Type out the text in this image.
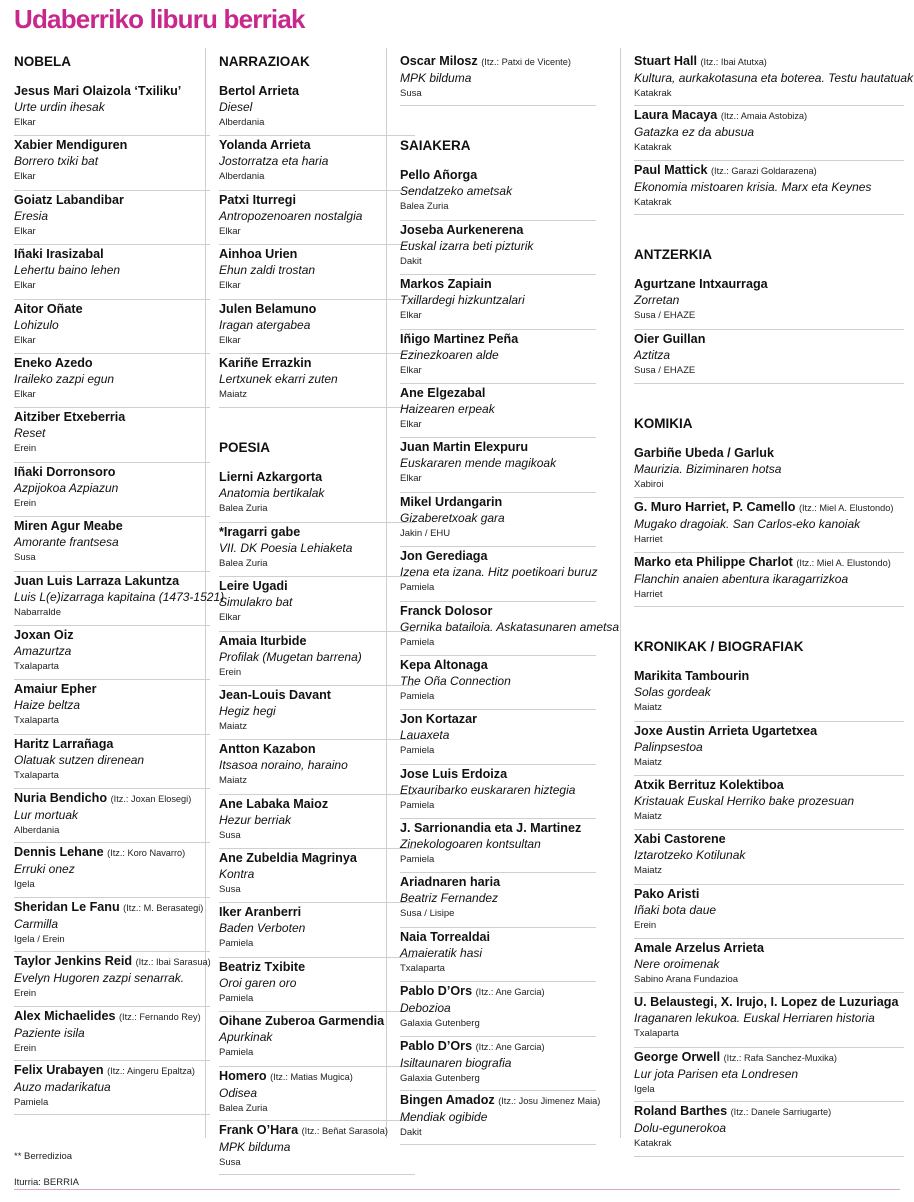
Udaberriko liburu berriak
NOBELA
Jesus Mari Olaizola ‘Txiliku’
Urte urdin ihesak
Elkar
Xabier Mendiguren
Borrero txiki bat
Elkar
Goiatz Labandibar
Eresia
Elkar
Iñaki Irasizabal
Lehertu baino lehen
Elkar
Aitor Oñate
Lohizulo
Elkar
Eneko Azedo
Iraileko zazpi egun
Elkar
Aitziber Etxeberria
Reset
Erein
Iñaki Dorronsoro
Azpijokoa Azpiazun
Erein
Miren Agur Meabe
Amorante frantsesa
Susa
Juan Luis Larraza Lakuntza
Luis L(e)izarraga kapitaina (1473-1521)
Nabarralde
Joxan Oiz
Amazurtza
Txalaparta
Amaiur Epher
Haize beltza
Txalaparta
Haritz Larrañaga
Olatuak sutzen direnean
Txalaparta
Nuria Bendicho (Itz.: Joxan Elosegi)
Lur mortuak
Alberdania
Dennis Lehane (Itz.: Koro Navarro)
Erruki onez
Igela
Sheridan Le Fanu (Itz.: M. Berasategi)
Carmilla
Igela / Erein
Taylor Jenkins Reid (Itz.: Ibai Sarasua)
Evelyn Hugoren zazpi senarrak.
Erein
Alex Michaelides (Itz.: Fernando Rey)
Paziente isila
Erein
Felix Urabayen (Itz.: Aingeru Epaltza)
Auzo madarikatua
Pamiela
NARRAZIOAK
Bertol Arrieta
Diesel
Alberdania
Yolanda Arrieta
Jostorratza eta haria
Alberdania
Patxi Iturregi
Antropozenoaren nostalgia
Elkar
Ainhoa Urien
Ehun zaldi trostan
Elkar
Julen Belamuno
Iragan atergabea
Elkar
Kariñe Errazkin
Lertxunek ekarri zuten
Maiatz
POESIA
Lierni Azkargorta
Anatomia bertikalak
Balea Zuria
*Iragarri gabe
VII. DK Poesia Lehiaketa
Balea Zuria
Leire Ugadi
Simulakro bat
Elkar
Amaia Iturbide
Profilak (Mugetan barrena)
Erein
Jean-Louis Davant
Hegiz hegi
Maiatz
Antton Kazabon
Itsasoa noraino, haraino
Maiatz
Ane Labaka Maioz
Hezur berriak
Susa
Ane Zubeldia Magrinya
Kontra
Susa
Iker Aranberri
Baden Verboten
Pamiela
Beatriz Txibite
Oroi garen oro
Pamiela
Oihane Zuberoa Garmendia
Apurkinak
Pamiela
Homero (Itz.: Matias Mugica)
Odisea
Balea Zuria
Frank O’Hara (Itz.: Beñat Sarasola)
MPK bilduma
Susa
Oscar Milosz (Itz.: Patxi de Vicente)
MPK bilduma
Susa
SAIAKERA
Pello Añorga
Sendatzeko ametsak
Balea Zuria
Joseba Aurkenerena
Euskal izarra beti pizturik
Dakit
Markos Zapiain
Txillardegi hizkuntzalari
Elkar
Iñigo Martinez Peña
Ezinezkoaren alde
Elkar
Ane Elgezabal
Haizearen erpeak
Elkar
Juan Martin Elexpuru
Euskararen mende magikoak
Elkar
Mikel Urdangarin
Gizaberetxoak gara
Jakin / EHU
Jon Gerediaga
Izena eta izana. Hitz poetikoari buruz
Pamiela
Franck Dolosor
Gernika batailoia. Askatasunaren ametsa
Pamiela
Kepa Altonaga
The Oña Connection
Pamiela
Jon Kortazar
Lauaxeta
Pamiela
Jose Luis Erdoiza
Etxauribarko euskararen hiztegia
Pamiela
J. Sarrionandia eta J. Martinez
Zinekologoaren kontsultan
Pamiela
Ariadnaren haria
Beatriz Fernandez
Susa / Lisipe
Naia Torrealdai
Amaieratik hasi
Txalaparta
Pablo D’Ors (Itz.: Ane Garcia)
Debozioa
Galaxia Gutenberg
Pablo D’Ors (Itz.: Ane Garcia)
Isiltaunaren biografia
Galaxia Gutenberg
Bingen Amadoz (Itz.: Josu Jimenez Maia)
Mendiak ogibide
Dakit
Stuart Hall (Itz.: Ibai Atutxa)
Kultura, aurkakotasuna eta boterea. Testu hautatuak
Katakrak
Laura Macaya (Itz.: Amaia Astobiza)
Gatazka ez da abusua
Katakrak
Paul Mattick (Itz.: Garazi Goldarazena)
Ekonomia mistoaren krisia. Marx eta Keynes
Katakrak
ANTZERKIA
Agurtzane Intxaurraga
Zorretan
Susa / EHAZE
Oier Guillan
Aztitza
Susa / EHAZE
KOMIKIA
Garbiñe Ubeda / Garluk
Maurizia. Biziminaren hotsa
Xabiroi
G. Muro Harriet, P. Camello (Itz.: Miel A. Elustondo)
Mugako dragoiak. San Carlos-eko kanoiak
Harriet
Marko eta Philippe Charlot (Itz.: Miel A. Elustondo)
Flanchin anaien abentura ikaragarrizkoa
Harriet
KRONIKAK / BIOGRAFIAK
Marikita Tambourin
Solas gordeak
Maiatz
Joxe Austin Arrieta Ugartetxea
Palinpsestoa
Maiatz
Atxik Berrituz Kolektiboa
Kristauak Euskal Herriko bake prozesuan
Maiatz
Xabi Castorene
Iztarotzeko Kotilunak
Maiatz
Pako Aristi
Iñaki bota daue
Erein
Amale Arzelus Arrieta
Nere oroimenak
Sabino Arana Fundazioa
U. Belaustegi, X. Irujo, I. Lopez de Luzuriaga
Iraganaren lekukoa. Euskal Herriaren historia
Txalaparta
George Orwell (Itz.: Rafa Sanchez-Muxika)
Lur jota Parisen eta Londresen
Igela
Roland Barthes (Itz.: Danele Sarriugarte)
Dolu-egunerokoa
Katakrak
** Berredizioa
Iturria: BERRIA
